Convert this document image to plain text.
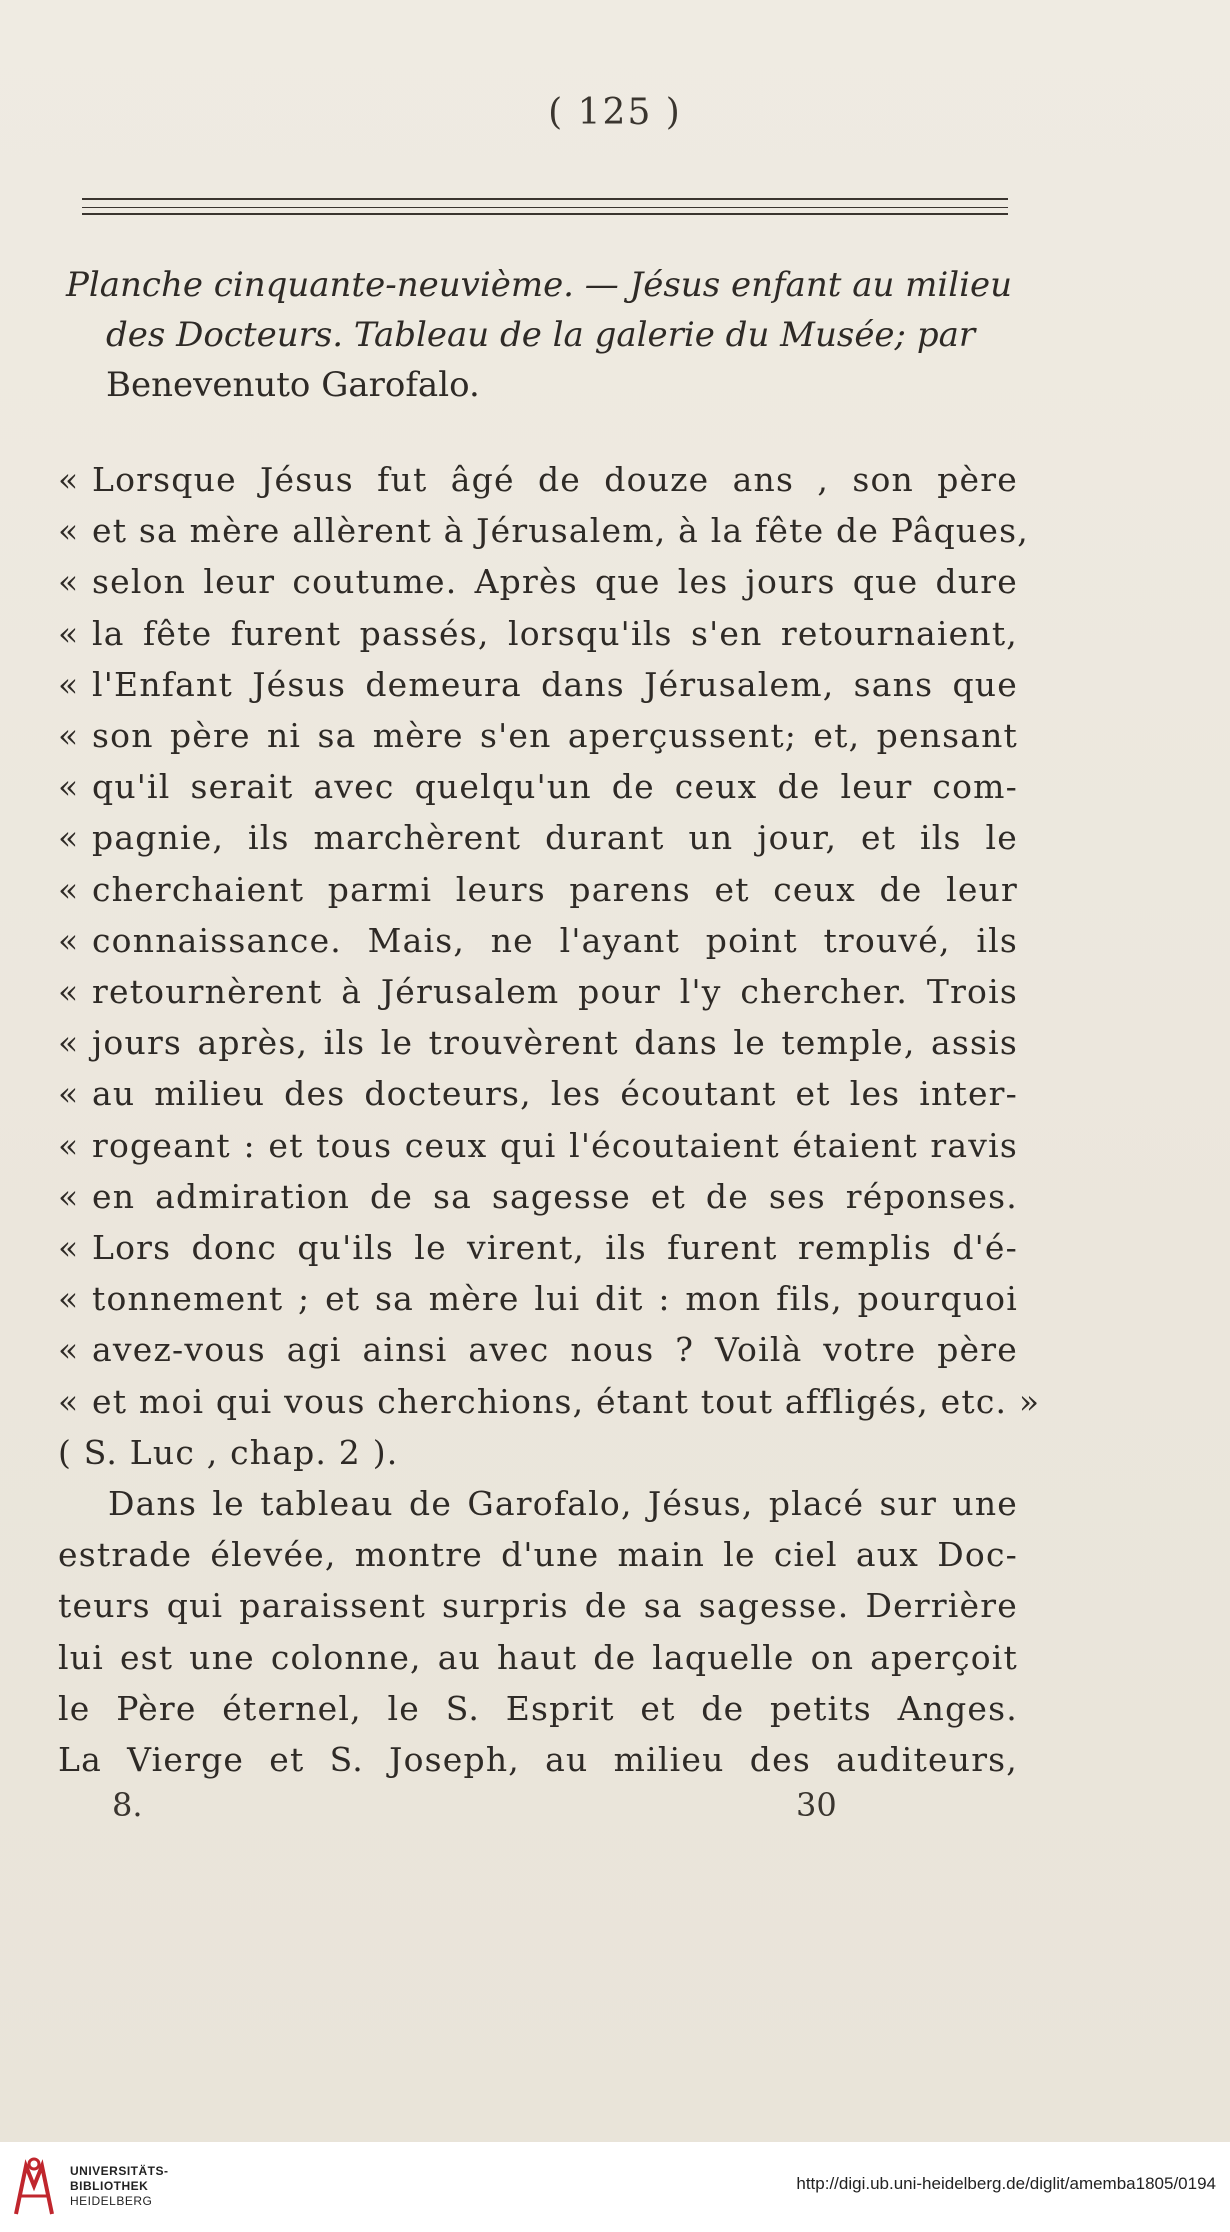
( 125 )
Planche cinquante-neuvième. — Jésus enfant au milieu
des Docteurs. Tableau de la galerie du Musée; par
Benevenuto Garofalo.
« Lorsque Jésus fut âgé de douze ans , son père
« et sa mère allèrent à Jérusalem, à la fête de Pâques,
« selon leur coutume. Après que les jours que dure
« la fête furent passés, lorsqu'ils s'en retournaient,
« l'Enfant Jésus demeura dans Jérusalem, sans que
« son père ni sa mère s'en aperçussent; et, pensant
« qu'il serait avec quelqu'un de ceux de leur com-
« pagnie, ils marchèrent durant un jour, et ils le
« cherchaient parmi leurs parens et ceux de leur
« connaissance. Mais, ne l'ayant point trouvé, ils
« retournèrent à Jérusalem pour l'y chercher. Trois
« jours après, ils le trouvèrent dans le temple, assis
« au milieu des docteurs, les écoutant et les inter-
« rogeant : et tous ceux qui l'écoutaient étaient ravis
« en admiration de sa sagesse et de ses réponses.
« Lors donc qu'ils le virent, ils furent remplis d'é-
« tonnement ; et sa mère lui dit : mon fils, pourquoi
« avez-vous agi ainsi avec nous ? Voilà votre père
« et moi qui vous cherchions, étant tout affligés, etc. »
( S. Luc , chap. 2 ).
Dans le tableau de Garofalo, Jésus, placé sur une
estrade élevée, montre d'une main le ciel aux Doc-
teurs qui paraissent surpris de sa sagesse. Derrière
lui est une colonne, au haut de laquelle on aperçoit
le Père éternel, le S. Esprit et de petits Anges.
La Vierge et S. Joseph, au milieu des auditeurs,
8.	30
UNIVERSITÄTS-
BIBLIOTHEK
HEIDELBERG
http://digi.ub.uni-heidelberg.de/diglit/amemba1805/0194
